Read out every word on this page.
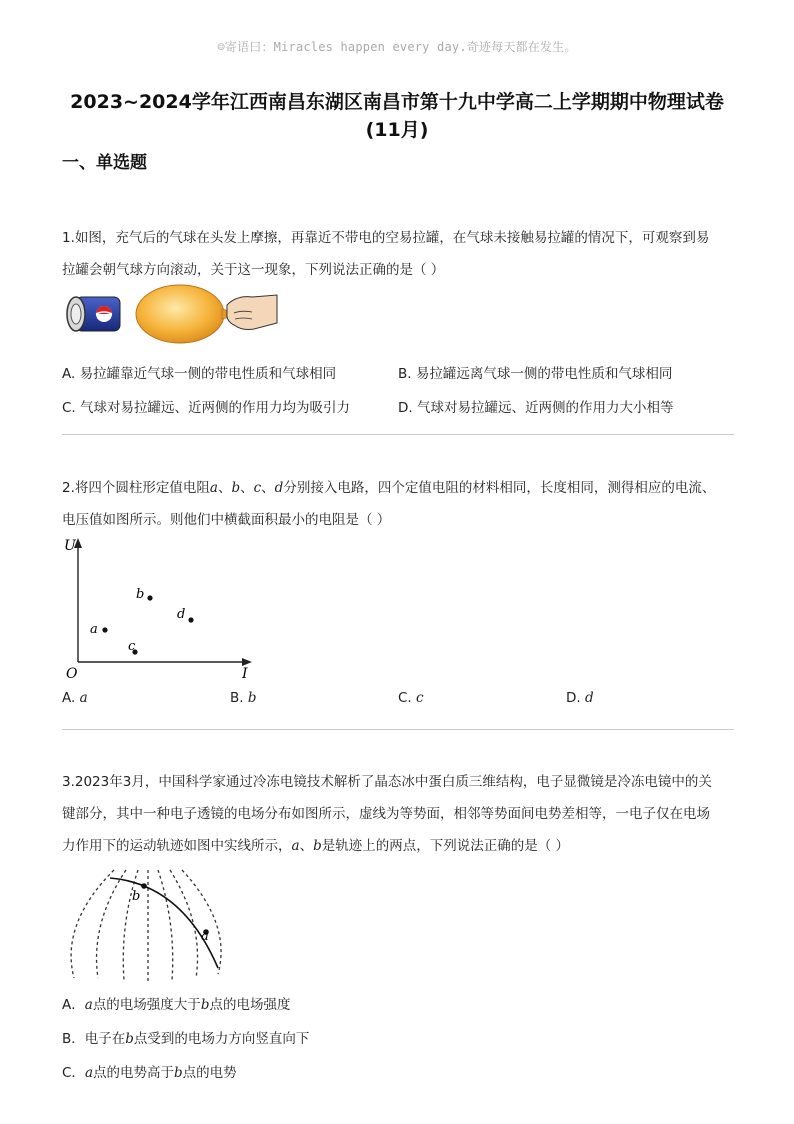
☺寄语曰：Miracles happen every day.奇迹每天都在发生。
2023~2024学年江西南昌东湖区南昌市第十九中学高二上学期期中物理试卷
(11月)
一、单选题
1.如图，充气后的气球在头发上摩擦，再靠近不带电的空易拉罐，在气球未接触易拉罐的情况下，可观察到易
拉罐会朝气球方向滚动，关于这一现象，下列说法正确的是（ ）
A. 易拉罐靠近气球一侧的带电性质和气球相同	B. 易拉罐远离气球一侧的带电性质和气球相同
C. 气球对易拉罐远、近两侧的作用力均为吸引力	D. 气球对易拉罐远、近两侧的作用力大小相等
2.将四个圆柱形定值电阻a、b、c、d分别接入电路，四个定值电阻的材料相同，长度相同，测得相应的电流、
电压值如图所示。则他们中横截面积最小的电阻是（ ）
U
I
O
a
b
c
d
A. a	B. b	C. c	D. d
3.2023年3月，中国科学家通过冷冻电镜技术解析了晶态冰中蛋白质三维结构，电子显微镜是冷冻电镜中的关
键部分，其中一种电子透镜的电场分布如图所示，虚线为等势面，相邻等势面间电势差相等，一电子仅在电场
力作用下的运动轨迹如图中实线所示，a、b是轨迹上的两点，下列说法正确的是（ ）
b
a
A．a点的电场强度大于b点的电场强度
B．电子在b点受到的电场力方向竖直向下
C．a点的电势高于b点的电势
